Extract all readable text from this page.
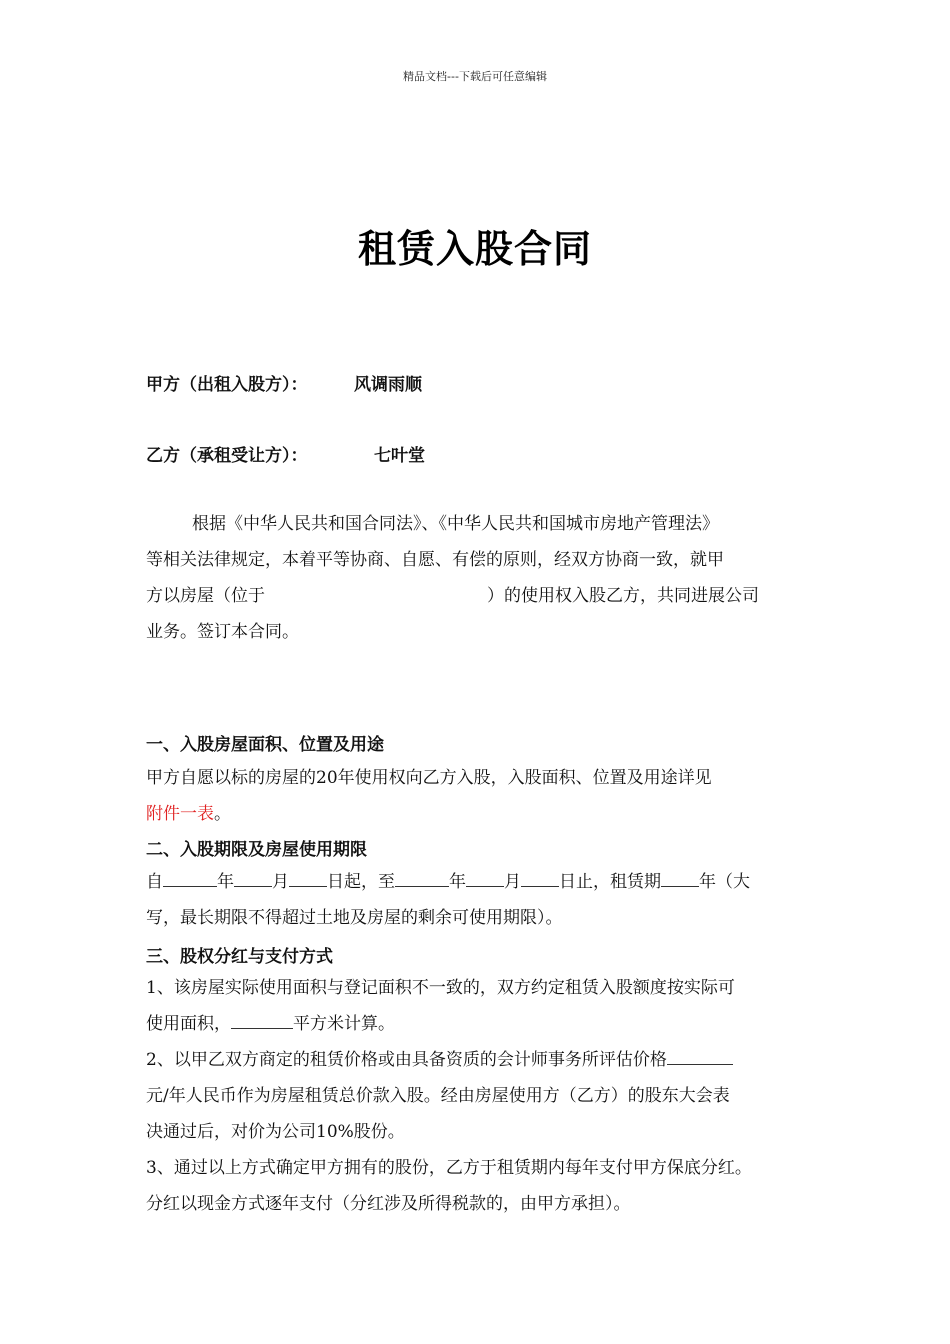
精品文档---下载后可任意编辑
租赁入股合同
甲方（出租入股方）：	风调雨顺
乙方（承租受让方）：	七叶堂
根据《中华人民共和国合同法》、《中华人民共和国城市房地产管理法》
等相关法律规定，本着平等协商、自愿、有偿的原则，经双方协商一致，就甲
方以房屋（位于	）的使用权入股乙方，共同进展公司
业务。签订本合同。
一、入股房屋面积、位置及用途
甲方自愿以标的房屋的20年使用权向乙方入股，入股面积、位置及用途详见
附件一表。
二、入股期限及房屋使用期限
自	年 月 日起，至	年 月 日止，租赁期 年（大
写，最长期限不得超过土地及房屋的剩余可使用期限）。
三、股权分红与支付方式
1、该房屋实际使用面积与登记面积不一致的，双方约定租赁入股额度按实际可
使用面积，	平方米计算。
2、以甲乙双方商定的租赁价格或由具备资质的会计师事务所评估价格
元/年人民币作为房屋租赁总价款入股。经由房屋使用方（乙方）的股东大会表
决通过后，对价为公司10%股份。
3、通过以上方式确定甲方拥有的股份，乙方于租赁期内每年支付甲方保底分红。
分红以现金方式逐年支付（分红涉及所得税款的，由甲方承担）。
